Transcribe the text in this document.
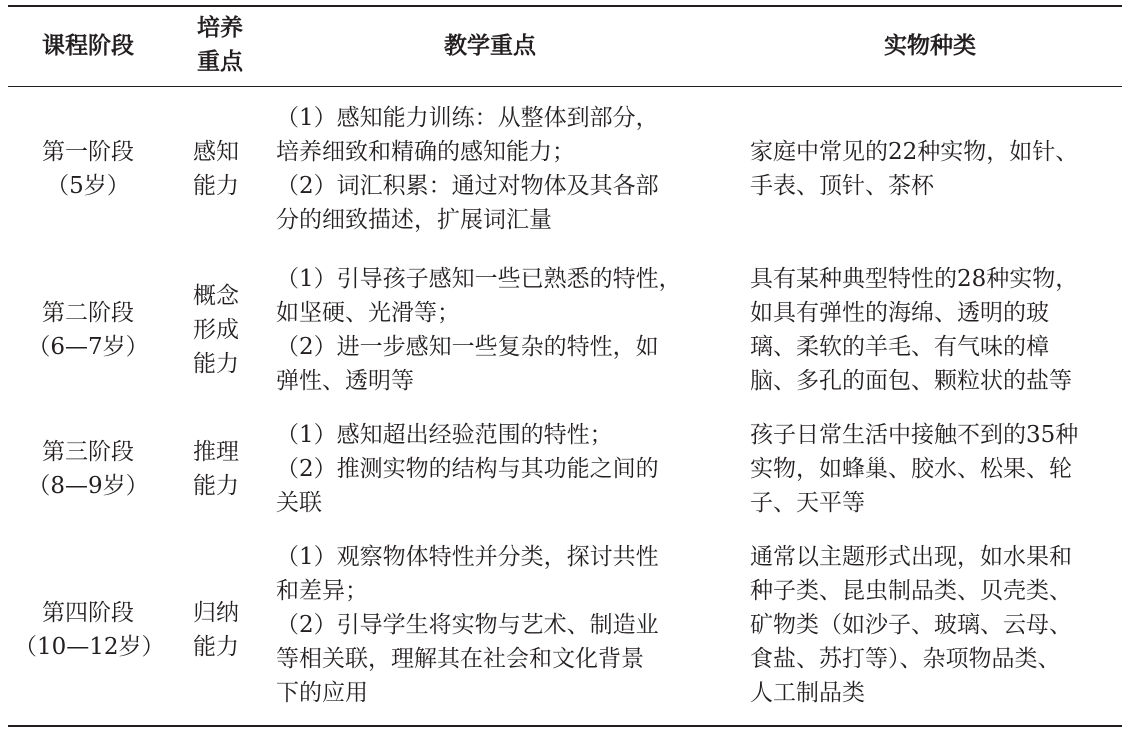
课程阶段
培养
重点
教学重点	实物种类
第一阶段
（5岁）
感知
能力
（1）感知能力训练：从整体到部分，
培养细致和精确的感知能力；
（2）词汇积累：通过对物体及其各部
分的细致描述，扩展词汇量
家庭中常见的22种实物，如针、
手表、顶针、茶杯
第二阶段
（6—7岁）
概念
形成
能力
（1）引导孩子感知一些已熟悉的特性，
如坚硬、光滑等；
（2）进一步感知一些复杂的特性，如
弹性、透明等
具有某种典型特性的28种实物，
如具有弹性的海绵、透明的玻
璃、柔软的羊毛、有气味的樟
脑、多孔的面包、颗粒状的盐等
第三阶段
（8—9岁）
推理
能力
（1）感知超出经验范围的特性；
（2）推测实物的结构与其功能之间的
关联
孩子日常生活中接触不到的35种
实物，如蜂巢、胶水、松果、轮
子、天平等
第四阶段
（10—12岁）
归纳
能力
（1）观察物体特性并分类，探讨共性
和差异；
（2）引导学生将实物与艺术、制造业
等相关联，理解其在社会和文化背景
下的应用
通常以主题形式出现，如水果和
种子类、昆虫制品类、贝壳类、
矿物类（如沙子、玻璃、云母、
食盐、苏打等）、杂项物品类、
人工制品类
